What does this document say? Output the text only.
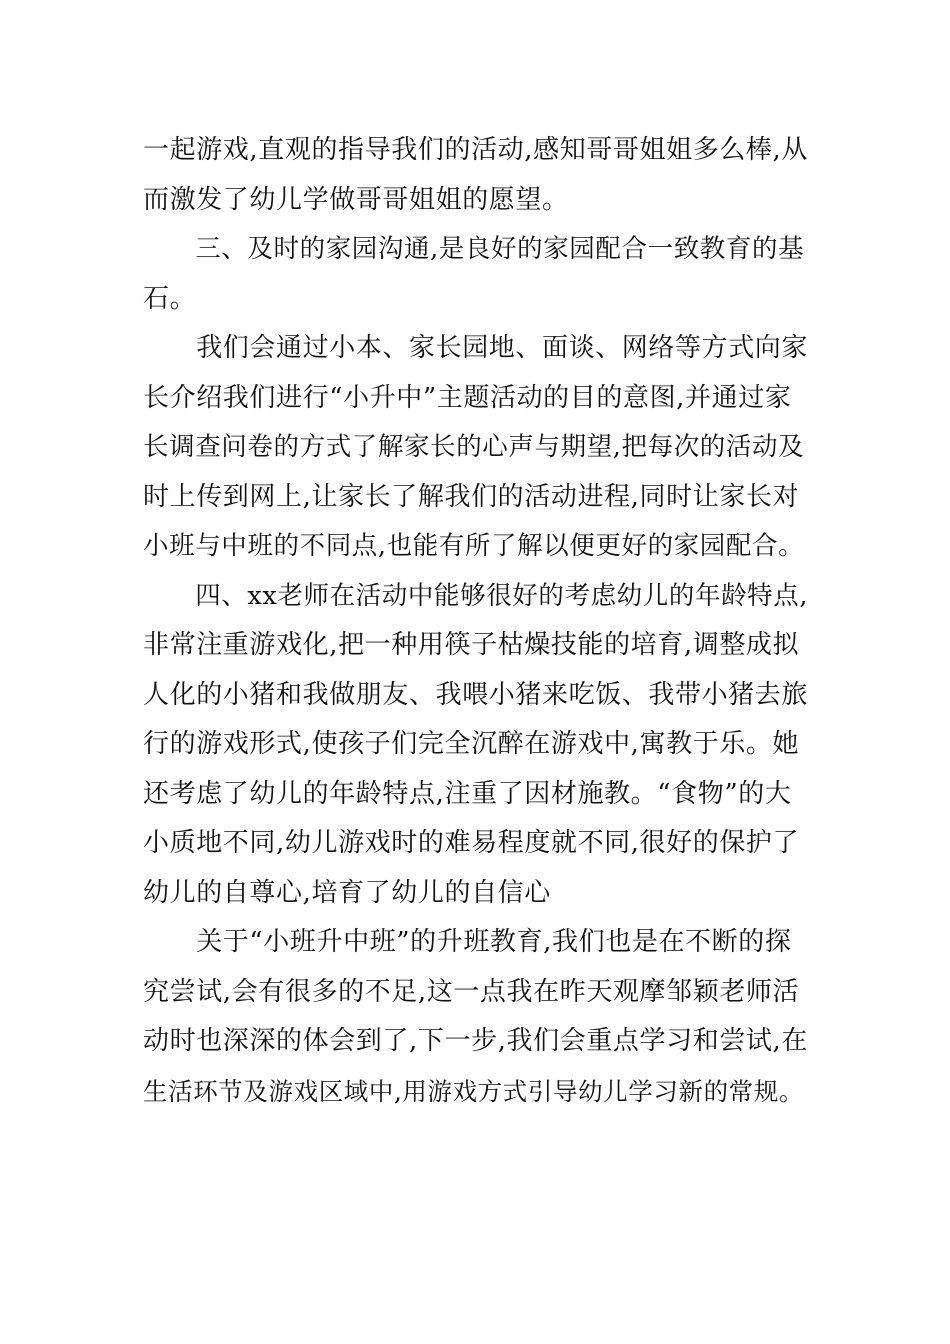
一起游戏,直观的指导我们的活动,感知哥哥姐姐多么棒,从
而激发了幼儿学做哥哥姐姐的愿望。
　　三、及时的家园沟通,是良好的家园配合一致教育的基
石。
　　我们会通过小本、家长园地、面谈、网络等方式向家
长介绍我们进行“小升中”主题活动的目的意图,并通过家
长调查问卷的方式了解家长的心声与期望,把每次的活动及
时上传到网上,让家长了解我们的活动进程,同时让家长对
小班与中班的不同点,也能有所了解以便更好的家园配合。
　　四、xx老师在活动中能够很好的考虑幼儿的年龄特点,
非常注重游戏化,把一种用筷子枯燥技能的培育,调整成拟
人化的小猪和我做朋友、我喂小猪来吃饭、我带小猪去旅
行的游戏形式,使孩子们完全沉醉在游戏中,寓教于乐。她
还考虑了幼儿的年龄特点,注重了因材施教。“食物”的大
小质地不同,幼儿游戏时的难易程度就不同,很好的保护了
幼儿的自尊心,培育了幼儿的自信心
　　关于“小班升中班”的升班教育,我们也是在不断的探
究尝试,会有很多的不足,这一点我在昨天观摩邹颖老师活
动时也深深的体会到了,下一步,我们会重点学习和尝试,在
生活环节及游戏区域中,用游戏方式引导幼儿学习新的常规。
